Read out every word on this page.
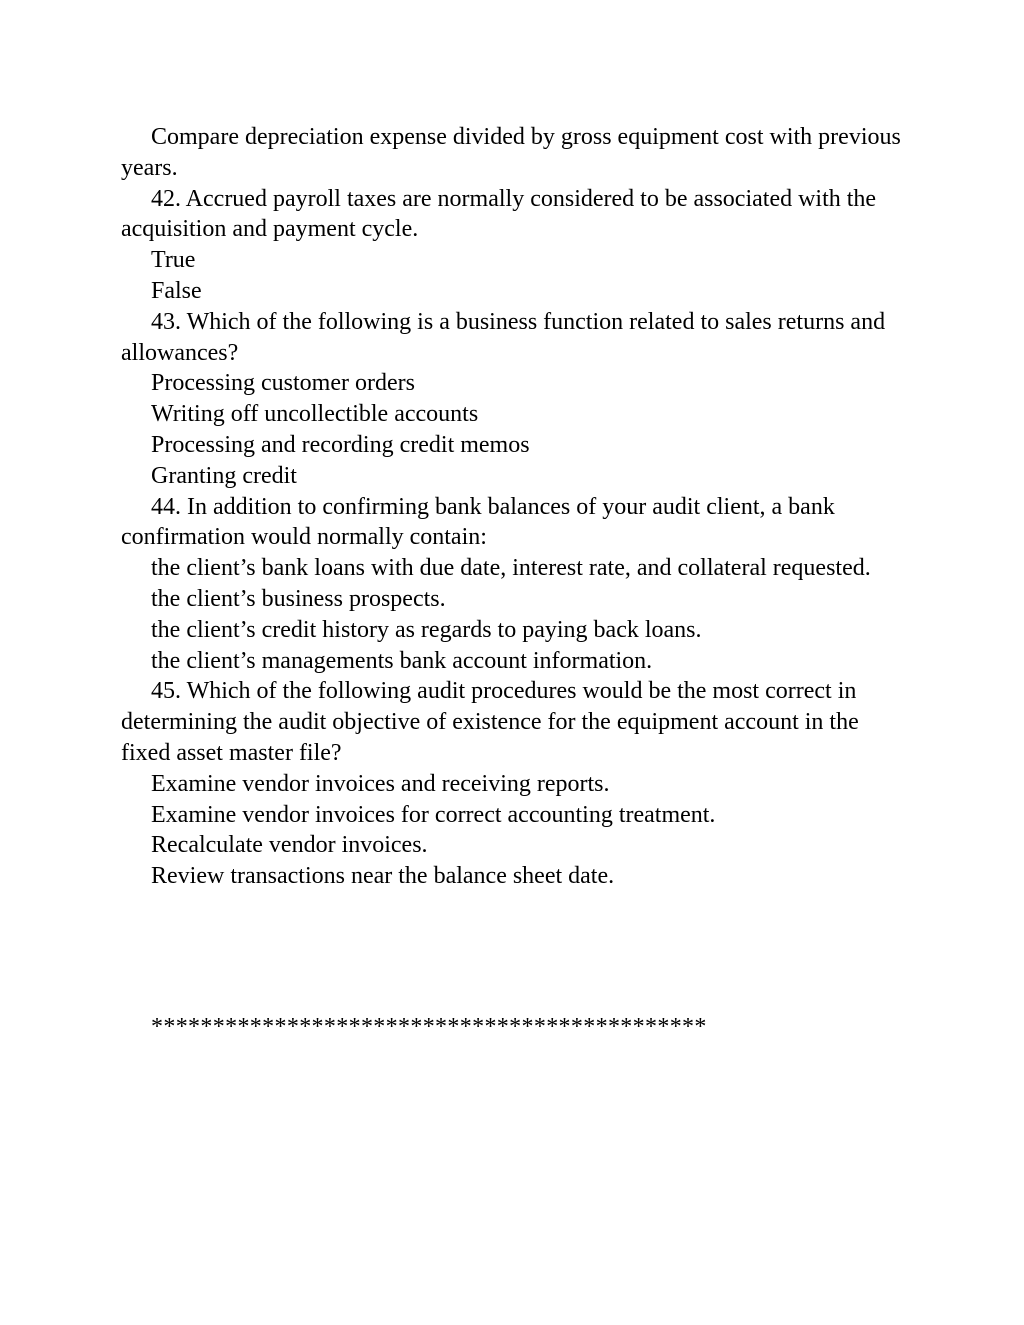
Compare depreciation expense divided by gross equipment cost with previous years.

42. Accrued payroll taxes are normally considered to be associated with the acquisition and payment cycle.

True

False

43. Which of the following is a business function related to sales returns and allowances?

Processing customer orders

Writing off uncollectible accounts

Processing and recording credit memos

Granting credit

44. In addition to confirming bank balances of your audit client, a bank confirmation would normally contain:

the client’s bank loans with due date, interest rate, and collateral requested.

the client’s business prospects.

the client’s credit history as regards to paying back loans.

the client’s managements bank account information.

45. Which of the following audit procedures would be the most correct in determining the audit objective of existence for the equipment account in the fixed asset master file?

Examine vendor invoices and receiving reports.

Examine vendor invoices for correct accounting treatment.

Recalculate vendor invoices.

Review transactions near the balance sheet date.

*********************************************
